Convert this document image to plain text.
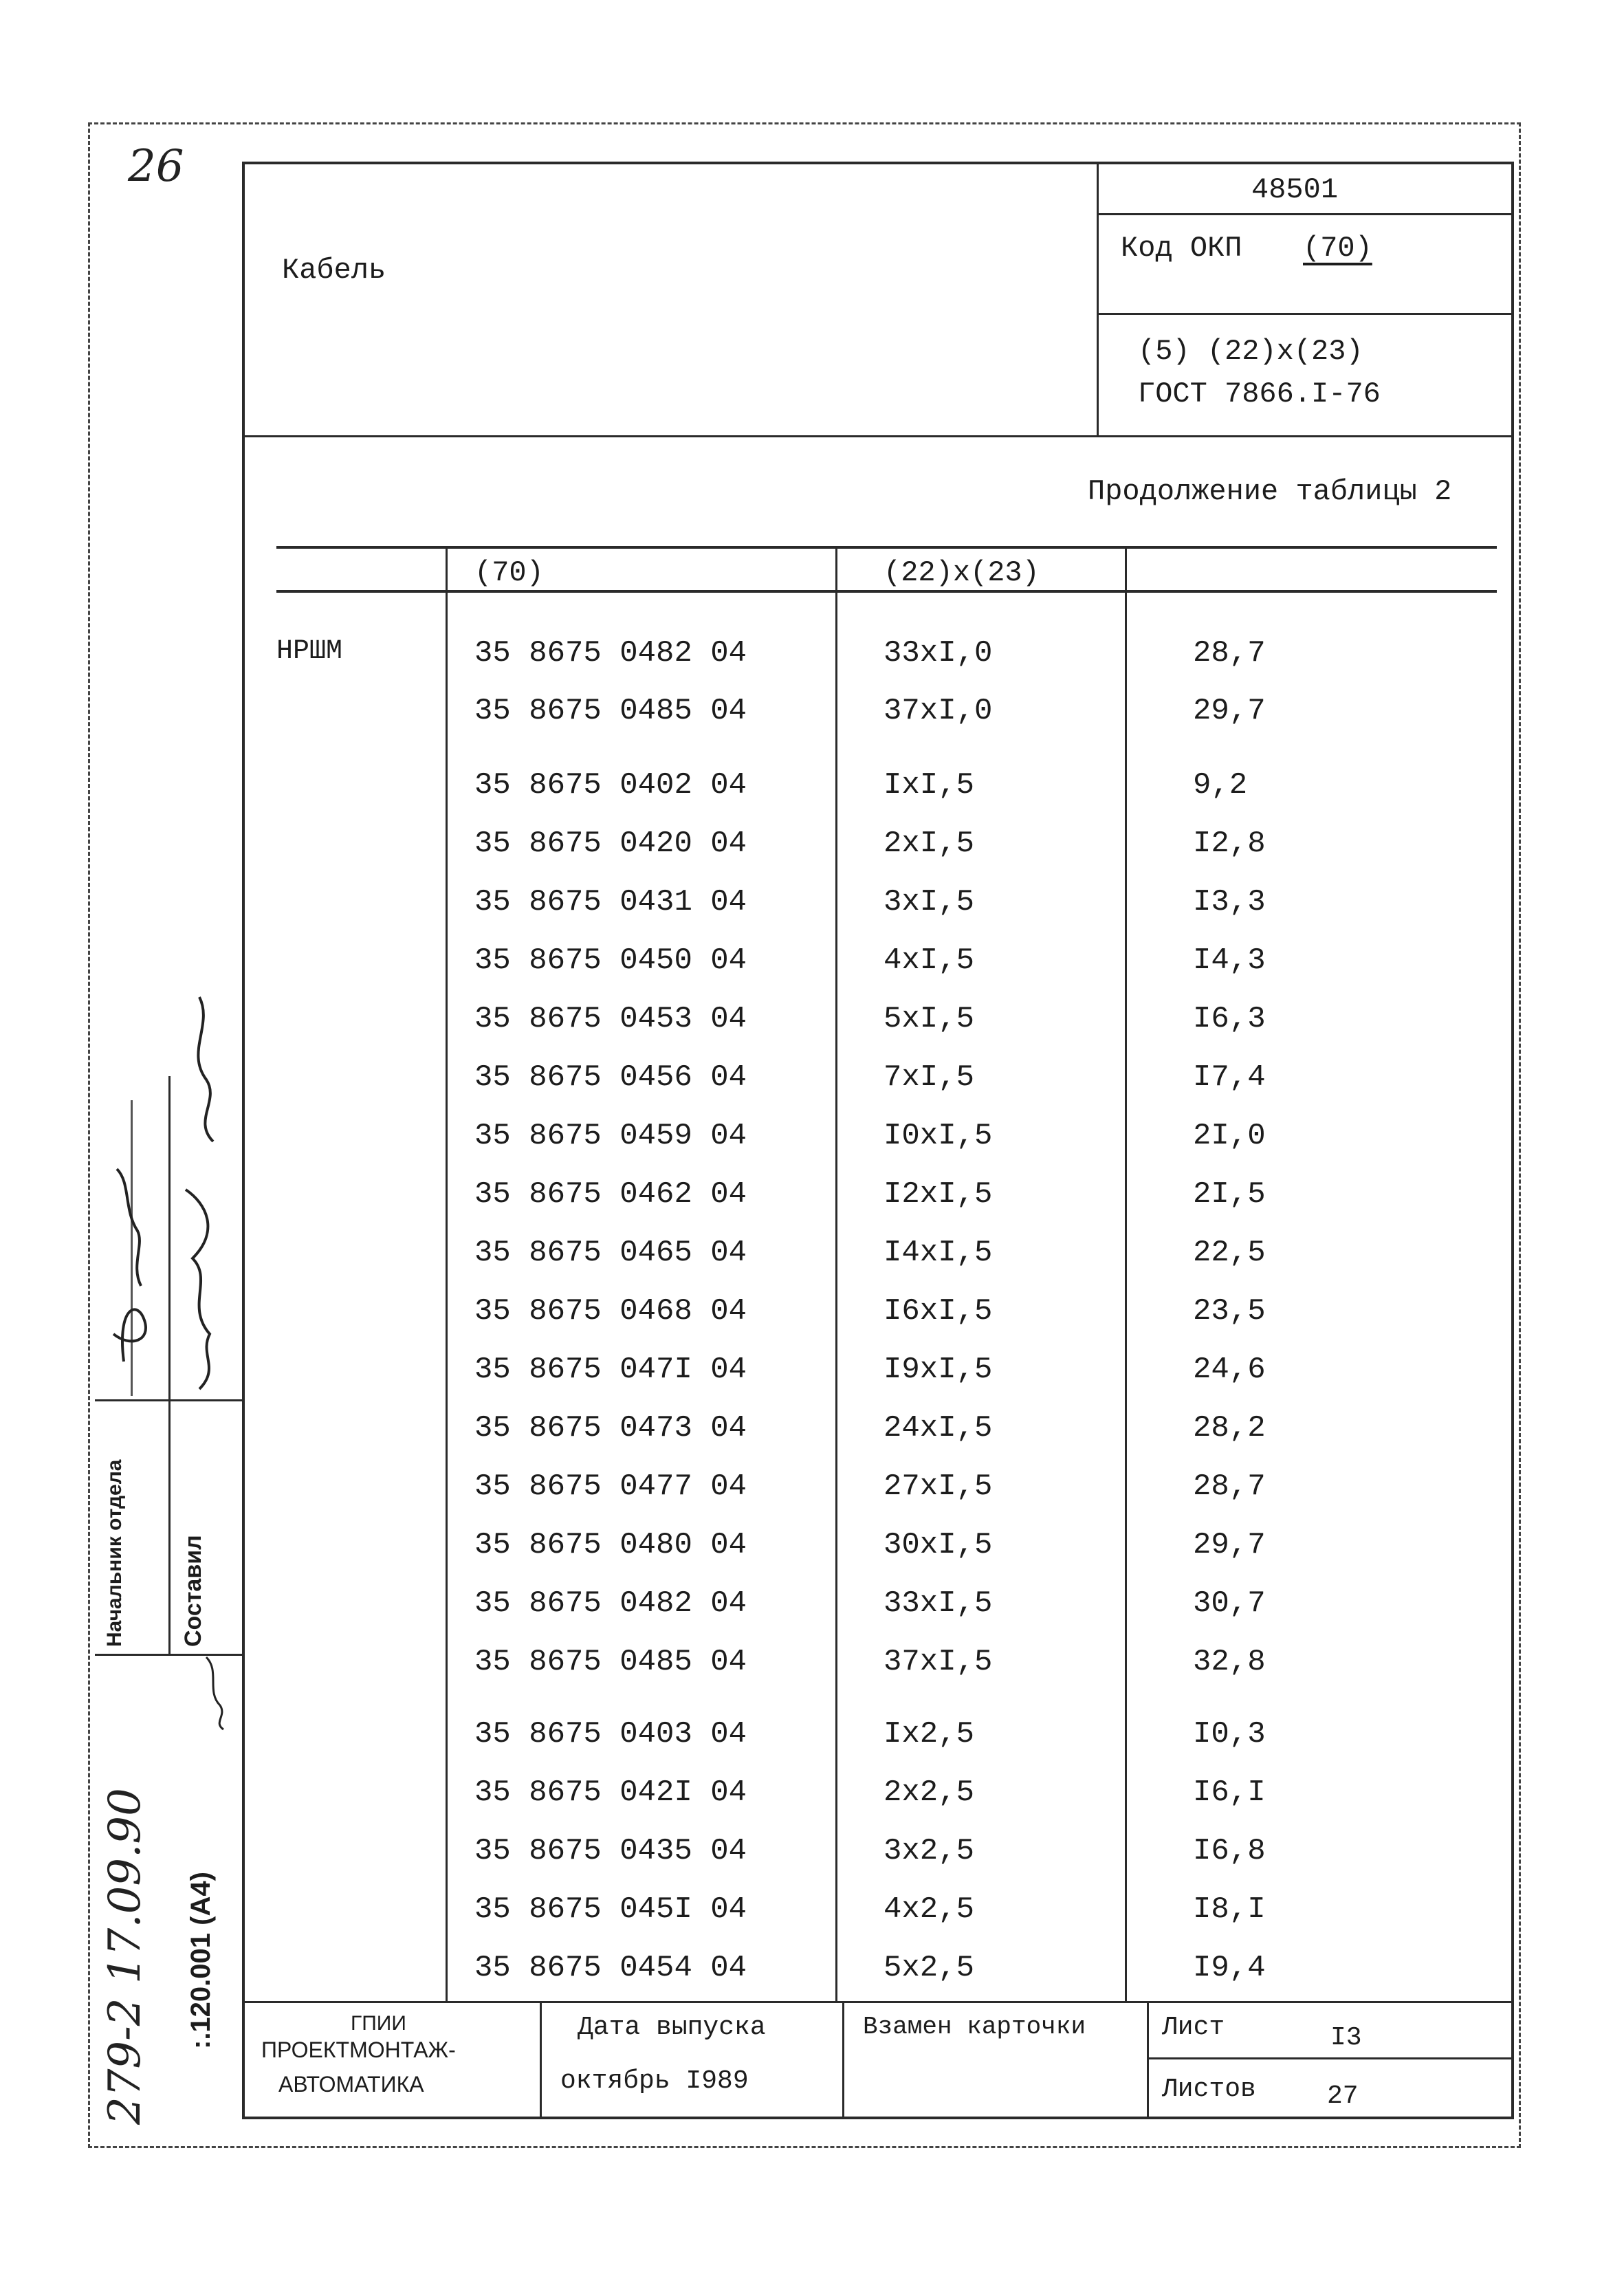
26	48501
Кабель
Код ОКП (70)
(5) (22)х(23)
ГОСТ 7866.I-76
Продолжение таблицы 2
(70)	(22)х(23)
НРШМ	35 8675 0482 04	33хI,0	28,7
35 8675 0485 04	37хI,0	29,7
35 8675 0402 04	IхI,5	9,2
35 8675 0420 04	2хI,5	I2,8
35 8675 0431 04	3хI,5	I3,3
35 8675 0450 04	4хI,5	I4,3
35 8675 0453 04	5хI,5	I6,3
35 8675 0456 04	7хI,5	I7,4
35 8675 0459 04	I0хI,5	2I,0
35 8675 0462 04	I2хI,5	2I,5
35 8675 0465 04	I4хI,5	22,5
35 8675 0468 04	I6хI,5	23,5
35 8675 047I 04	I9хI,5	24,6
35 8675 0473 04	24хI,5	28,2
35 8675 0477 04	27хI,5	28,7
35 8675 0480 04	30хI,5	29,7
35 8675 0482 04	33хI,5	30,7
35 8675 0485 04	37хI,5	32,8
35 8675 0403 04	Iх2,5	I0,3
35 8675 042I 04	2х2,5	I6,I
35 8675 0435 04	3х2,5	I6,8
35 8675 045I 04	4х2,5	I8,I
35 8675 0454 04	5х2,5	I9,4
ГПИИ
ПРОЕКТМОНТАЖ-
АВТОМАТИКА
Дата выпуска
октябрь I989
Взамен карточки	Лист	I3
Листов	27
Начальник отдела Составил
:.120.001 (А4)
279-2 17.09.90
